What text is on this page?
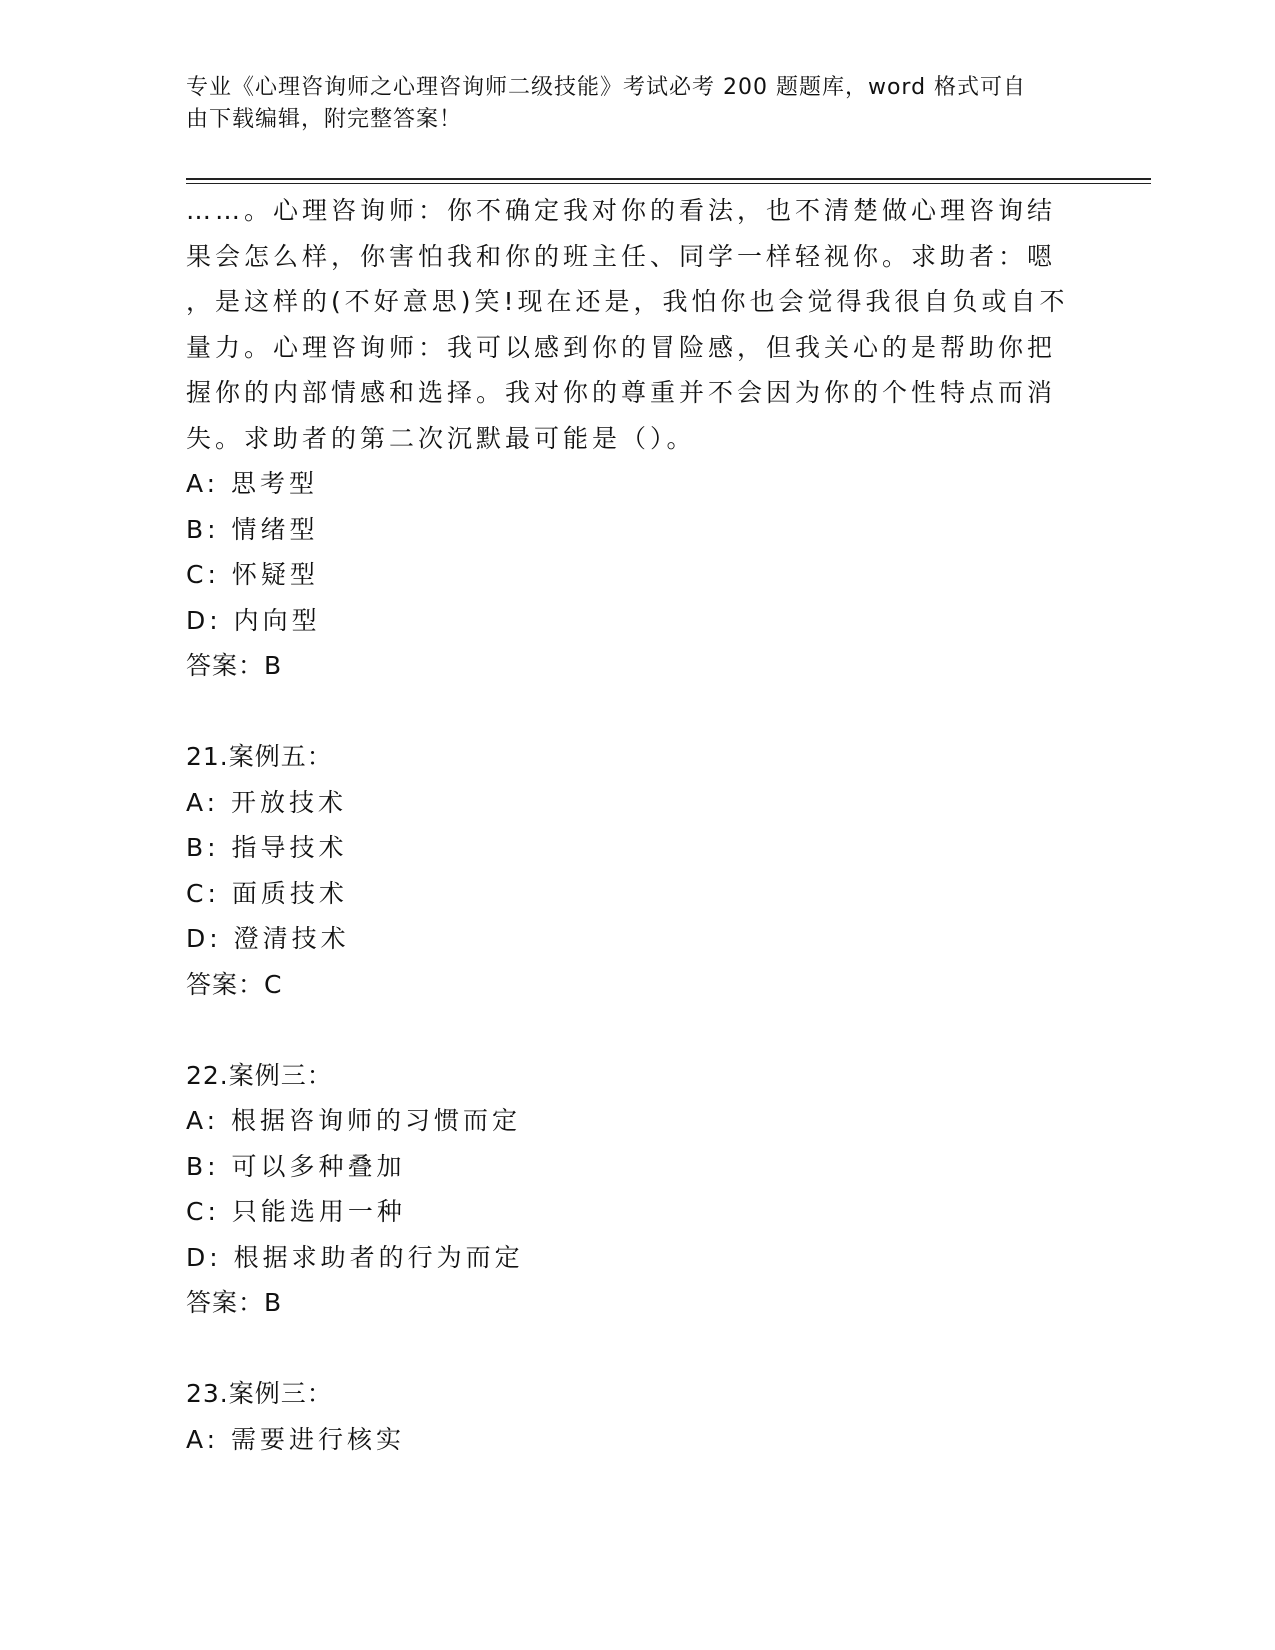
专业《心理咨询师之心理咨询师二级技能》考试必考 200 题题库，word 格式可自
由下载编辑，附完整答案！
……。心理咨询师：你不确定我对你的看法，也不清楚做心理咨询结
果会怎么样，你害怕我和你的班主任、同学一样轻视你。求助者：嗯
，是这样的(不好意思)笑!现在还是，我怕你也会觉得我很自负或自不
量力。心理咨询师：我可以感到你的冒险感，但我关心的是帮助你把
握你的内部情感和选择。我对你的尊重并不会因为你的个性特点而消
失。求助者的第二次沉默最可能是（）。
A: 思考型
B: 情绪型
C: 怀疑型
D: 内向型
答案：B
21.案例五：
A: 开放技术
B: 指导技术
C: 面质技术
D: 澄清技术
答案：C
22.案例三：
A: 根据咨询师的习惯而定
B: 可以多种叠加
C: 只能选用一种
D: 根据求助者的行为而定
答案：B
23.案例三：
A: 需要进行核实
